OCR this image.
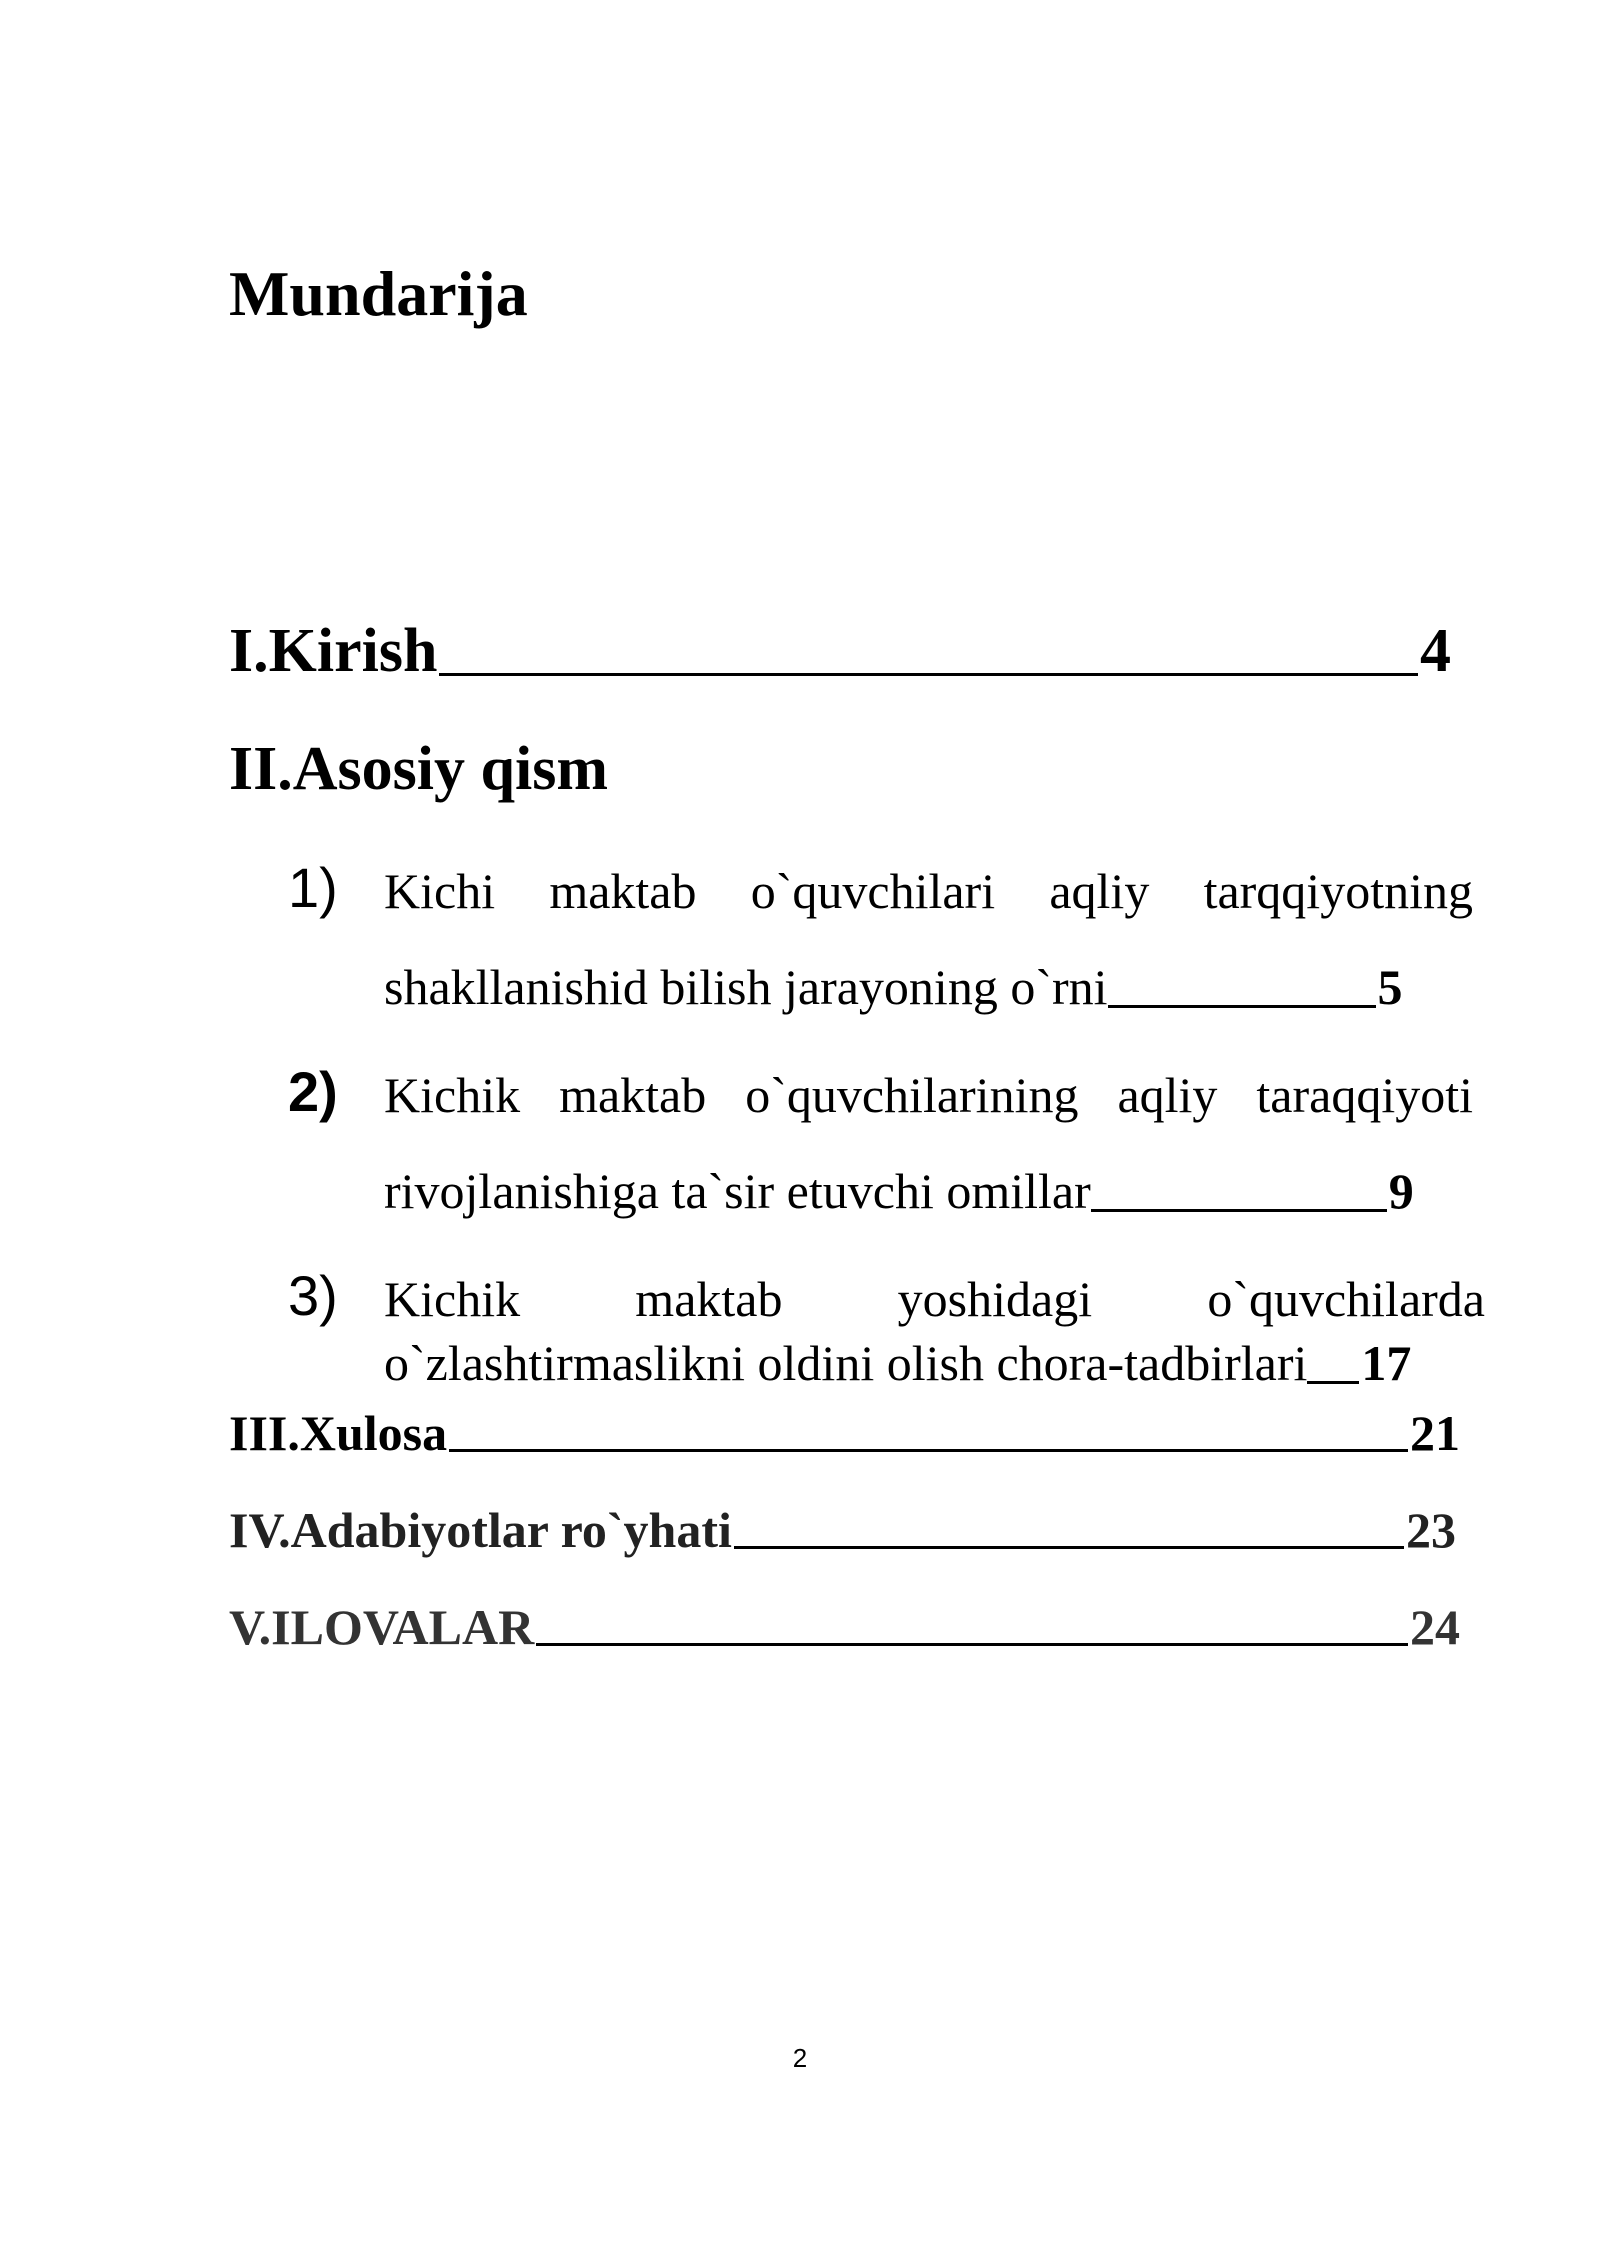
Mundarija
I.Kirish	4
II.Asosiy qism
1) Kichi maktab o`quvchilari aqliy tarqqiyotning
shakllanishid bilish jarayoning o`rni	5
2) Kichik maktab o`quvchilarining aqliy taraqqiyoti
rivojlanishiga ta`sir etuvchi omillar	9
3) Kichik maktab yoshidagi o`quvchilarda
o`zlashtirmaslikni oldini olish chora-tadbirlari 17
III.Xulosa	21
IV.Adabiyotlar ro`yhati	23
V.ILOVALAR	24
2
